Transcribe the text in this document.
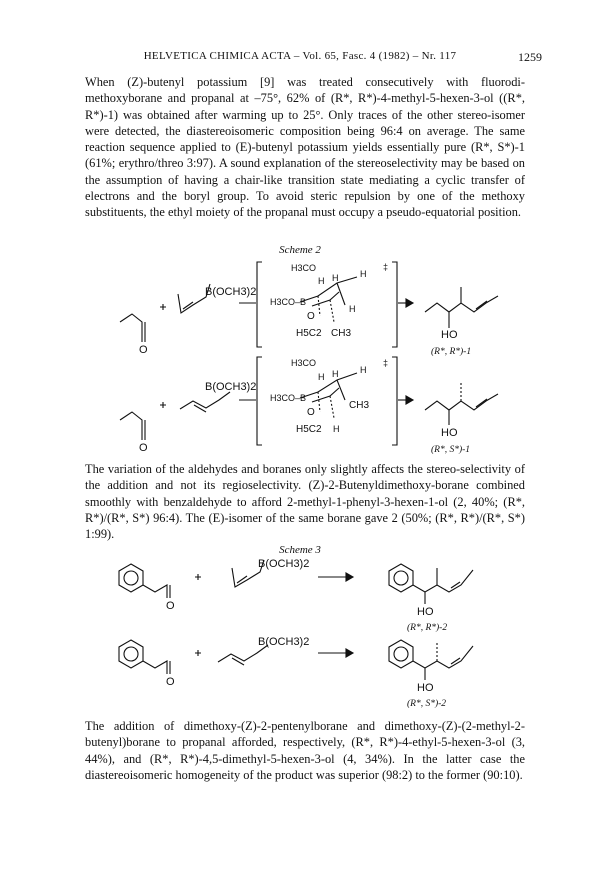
HELVETICA CHIMICA ACTA – Vol. 65, Fasc. 4 (1982) – Nr. 117	1259

When (Z)-butenyl potassium [9] was treated consecutively with fluorodi-methoxyborane and propanal at –75°, 62% of (R*, R*)-4-methyl-5-hexen-3-ol ((R*, R*)-1) was obtained after warming up to 25°. Only traces of the other stereo-isomer were detected, the diastereoisomeric composition being 96:4 on average. The same reaction sequence applied to (E)-butenyl potassium yields essentially pure (R*, S*)-1 (61%; erythro/threo 3:97). A sound explanation of the stereoselectivity may be based on the assumption of having a chair-like transition state mediating a cyclic transfer of electrons and the boryl group. To avoid steric repulsion by one of the methoxy substituents, the ethyl moiety of the propanal must occupy a pseudo-equatorial position.

Scheme 2
O
B(OCH3)2
H3CO
H3CO–B
O
H5C2 CH3
H H H
H
‡
HO
(R*, R*)-1
O
B(OCH3)2
H3CO
H3CO–B
O
H5C2
CH3
H H H
H
‡
HO
(R*, S*)-1
O
B(OCH3)2
HO
(R*, R*)-2
O
B(OCH3)2
HO
(R*, S*)-2

The variation of the aldehydes and boranes only slightly affects the stereo-selectivity of the addition and not its regioselectivity. (Z)-2-Butenyldimethoxy-borane combined smoothly with benzaldehyde to afford 2-methyl-1-phenyl-3-hexen-1-ol (2, 40%; (R*, R*)/(R*, S*) 96:4). The (E)-isomer of the same borane gave 2 (50%; (R*, R*)/(R*, S*) 1:99).

Scheme 3

The addition of dimethoxy-(Z)-2-pentenylborane and dimethoxy-(Z)-(2-methyl-2-butenyl)borane to propanal afforded, respectively, (R*, R*)-4-ethyl-5-hexen-3-ol (3, 44%), and (R*, R*)-4,5-dimethyl-5-hexen-3-ol (4, 34%). In the latter case the diastereoisomeric homogeneity of the product was superior (98:2) to the former (90:10).
